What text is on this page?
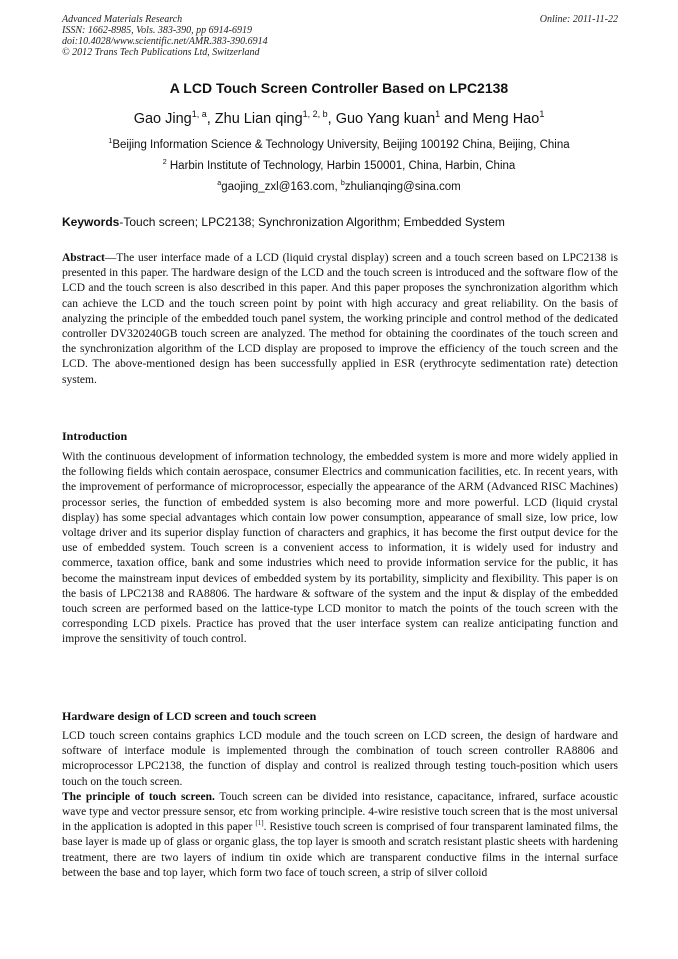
Advanced Materials Research
ISSN: 1662-8985, Vols. 383-390, pp 6914-6919
doi:10.4028/www.scientific.net/AMR.383-390.6914
© 2012 Trans Tech Publications Ltd, Switzerland
Online: 2011-11-22
A LCD Touch Screen Controller Based on LPC2138
Gao Jing$^{1, a}$, Zhu Lian qing$^{1, 2, b}$, Guo Yang kuan$^1$ and Meng Hao$^1$
$^1$Beijing Information Science & Technology University, Beijing 100192 China, Beijing, China
$^2$ Harbin Institute of Technology, Harbin 150001, China, Harbin, China
$^a$gaojing_zxl@163.com, $^b$zhulianqing@sina.com
Keywords-Touch screen; LPC2138; Synchronization Algorithm; Embedded System

Abstract—The user interface made of a LCD (liquid crystal display) screen and a touch screen based on LPC2138 is presented in this paper. The hardware design of the LCD and the touch screen is introduced and the software flow of the LCD and the touch screen is also described in this paper. And this paper proposes the synchronization algorithm which can achieve the LCD and the touch screen point by point with high accuracy and great reliability. On the basis of analyzing the principle of the embedded touch panel system, the working principle and control method of the dedicated controller DV320240GB touch screen are analyzed. The method for obtaining the coordinates of the touch screen and the synchronization algorithm of the LCD display are proposed to improve the efficiency of the touch screen and the LCD. The above-mentioned design has been successfully applied in ESR (erythrocyte sedimentation rate) detection system.

Introduction

With the continuous development of information technology, the embedded system is more and more widely applied in the following fields which contain aerospace, consumer Electrics and communication facilities, etc. In recent years, with the improvement of performance of microprocessor, especially the appearance of the ARM (Advanced RISC Machines) processor series, the function of embedded system is also becoming more and more powerful. LCD (liquid crystal display) has some special advantages which contain low power consumption, appearance of small size, low price, low voltage driver and its superior display function of characters and graphics, it has become the first output device for the use of embedded system. Touch screen is a convenient access to information, it is widely used for industry and commerce, taxation office, bank and some industries which need to provide information service for the public, it has become the mainstream input devices of embedded system by its portability, simplicity and flexibility. This paper is on the basis of LPC2138 and RA8806. The hardware & software of the system and the input & display of the embedded touch screen are performed based on the lattice-type LCD monitor to match the points of the touch screen with the corresponding LCD pixels. Practice has proved that the user interface system can realize anticipating function and improve the sensitivity of touch control.

Hardware design of LCD screen and touch screen

LCD touch screen contains graphics LCD module and the touch screen on LCD screen, the design of hardware and software of interface module is implemented through the combination of touch screen controller RA8806 and microprocessor LPC2138, the function of display and control is realized through testing touch-position which users touch on the touch screen.

The principle of touch screen. Touch screen can be divided into resistance, capacitance, infrared, surface acoustic wave type and vector pressure sensor, etc from working principle. 4-wire resistive touch screen that is the most universal in the application is adopted in this paper [1]. Resistive touch screen is comprised of four transparent laminated films, the base layer is made up of glass or organic glass, the top layer is smooth and scratch resistant plastic sheets with hardening treatment, there are two layers of indium tin oxide which are transparent conductive films in the internal surface between the base and top layer, which form two face of touch screen, a strip of silver colloid
